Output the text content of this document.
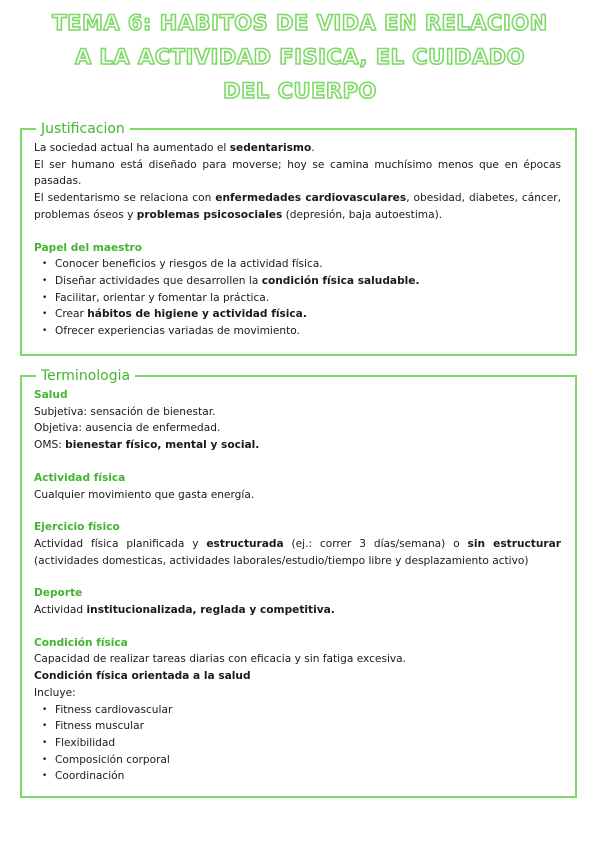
TEMA 6: HABITOS DE VIDA EN RELACION
A LA ACTIVIDAD FISICA, EL CUIDADO
DEL CUERPO
Justificacion

La sociedad actual ha aumentado el sedentarismo.

El ser humano está diseñado para moverse; hoy se camina muchísimo menos que en épocas pasadas.

El sedentarismo se relaciona con enfermedades cardiovasculares, obesidad, diabetes, cáncer, problemas óseos y problemas psicosociales (depresión, baja autoestima).

Papel del maestro

• Conocer beneficios y riesgos de la actividad física.
• Diseñar actividades que desarrollen la condición física saludable.
• Facilitar, orientar y fomentar la práctica.
• Crear hábitos de higiene y actividad física.
• Ofrecer experiencias variadas de movimiento.
Terminologia

Salud

Subjetiva: sensación de bienestar.

Objetiva: ausencia de enfermedad.

OMS: bienestar físico, mental y social.

Actividad física

Cualquier movimiento que gasta energía.

Ejercicio físico

Actividad física planificada y estructurada (ej.: correr 3 días/semana) o sin estructurar (actividades domesticas, actividades laborales/estudio/tiempo libre y desplazamiento activo)

Deporte

Actividad institucionalizada, reglada y competitiva.

Condición física

Capacidad de realizar tareas diarias con eficacia y sin fatiga excesiva.

Condición física orientada a la salud

Incluye:

• Fitness cardiovascular
• Fitness muscular
• Flexibilidad
• Composición corporal
• Coordinación
